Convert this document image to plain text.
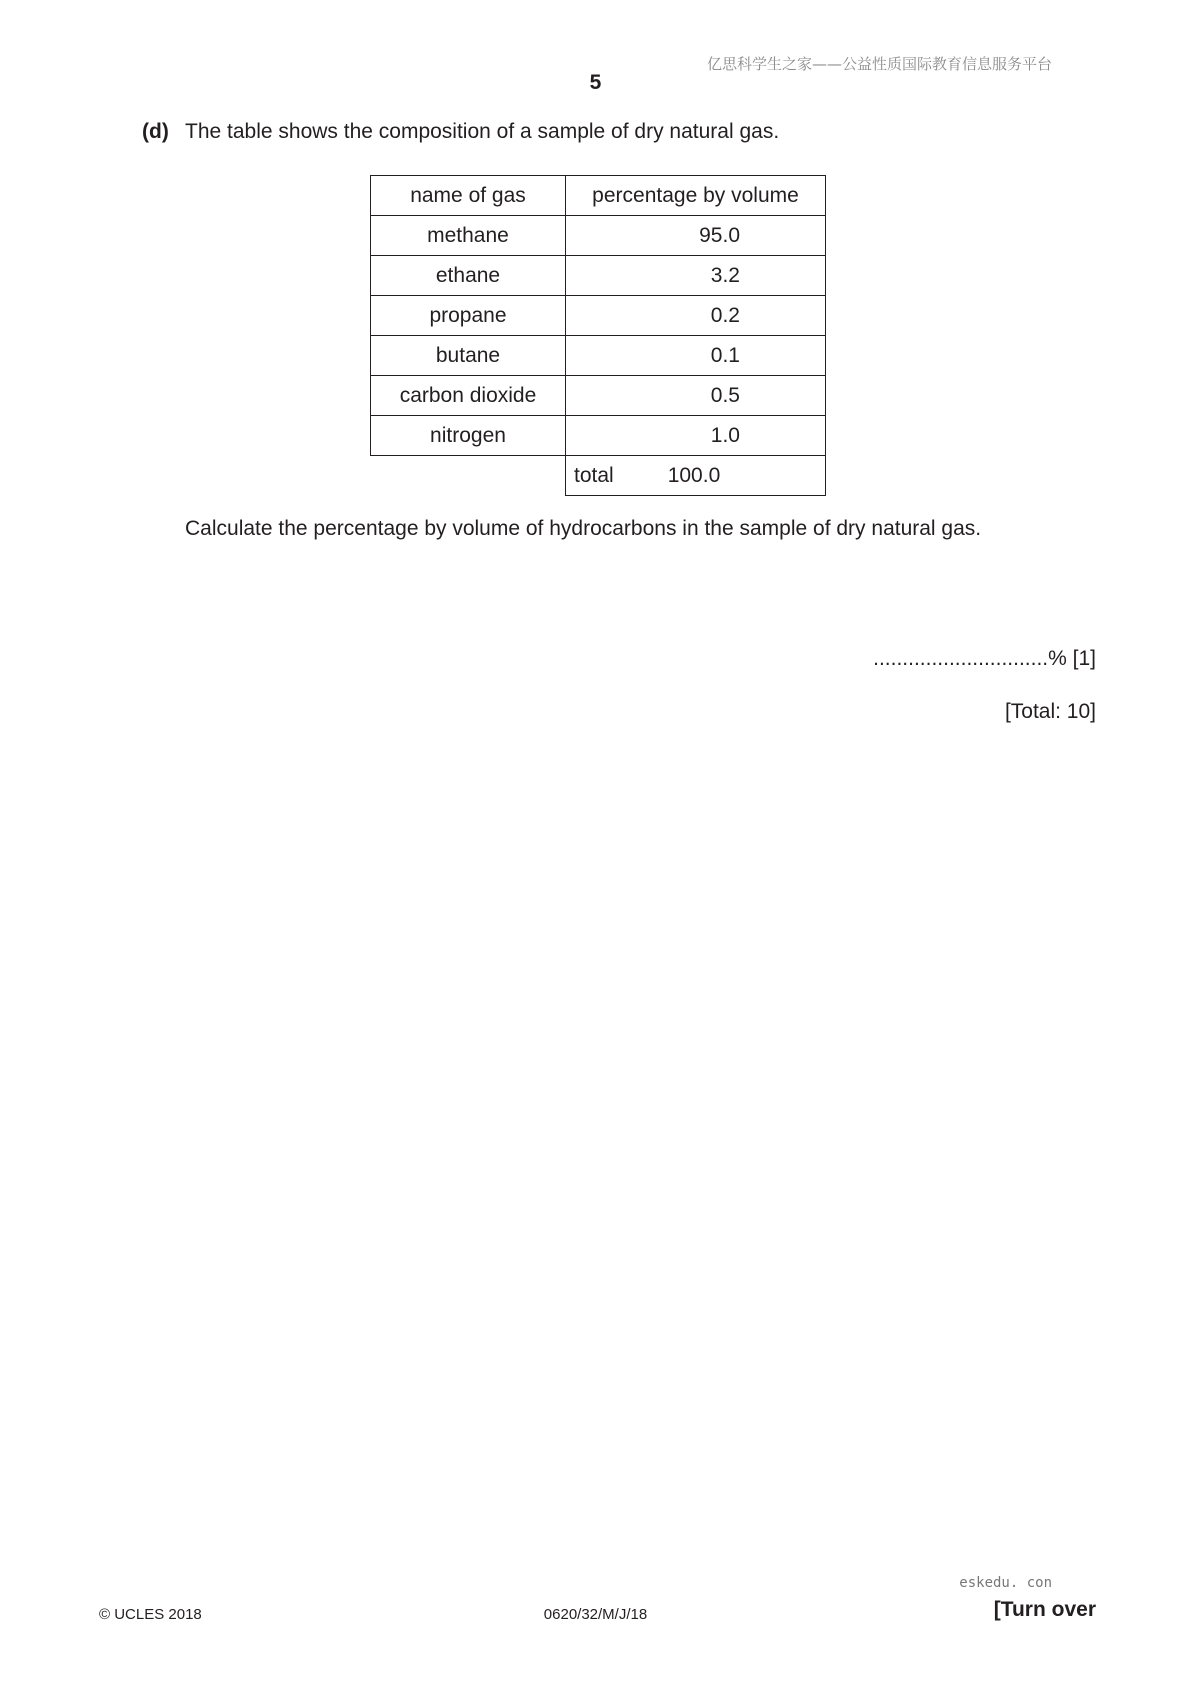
亿思科学生之家——公益性质国际教育信息服务平台
5
(d) The table shows the composition of a sample of dry natural gas.
name of gas	percentage by volume
methane	95.0
ethane	3.2
propane	0.2
butane	0.1
carbon dioxide	0.5
nitrogen	1.0

	total 100.0
Calculate the percentage by volume of hydrocarbons in the sample of dry natural gas.
..............................% [1]
[Total: 10]
eskedu. con
© UCLES 2018	0620/32/M/J/18	[Turn over
